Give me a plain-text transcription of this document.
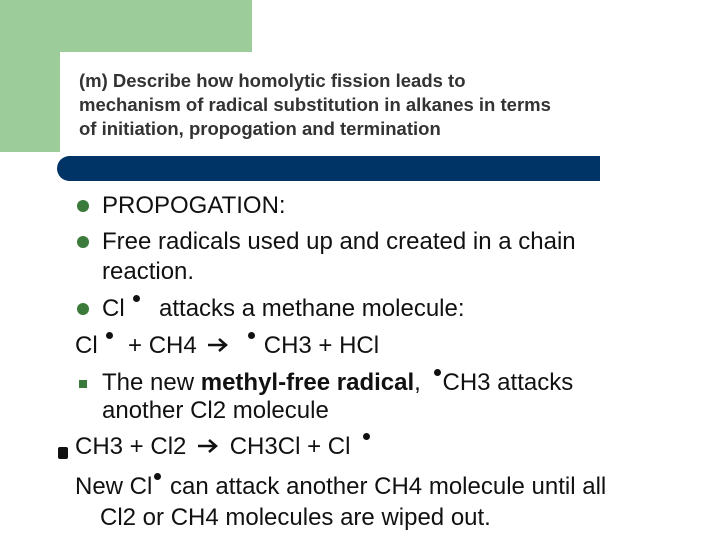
(m) Describe how homolytic fission leads to
mechanism of radical substitution in alkanes in terms
of initiation, propogation and termination
PROPOGATION:
Free radicals used up and created in a chain
reaction.
Cl attacks a methane molecule:
Cl + CH4	CH3 + HCl
The new methyl-free radical, CH3 attacks
another Cl2 molecule
CH3 + Cl2 CH3Cl + Cl
New Cl can attack another CH4 molecule until all
Cl2 or CH4 molecules are wiped out.
